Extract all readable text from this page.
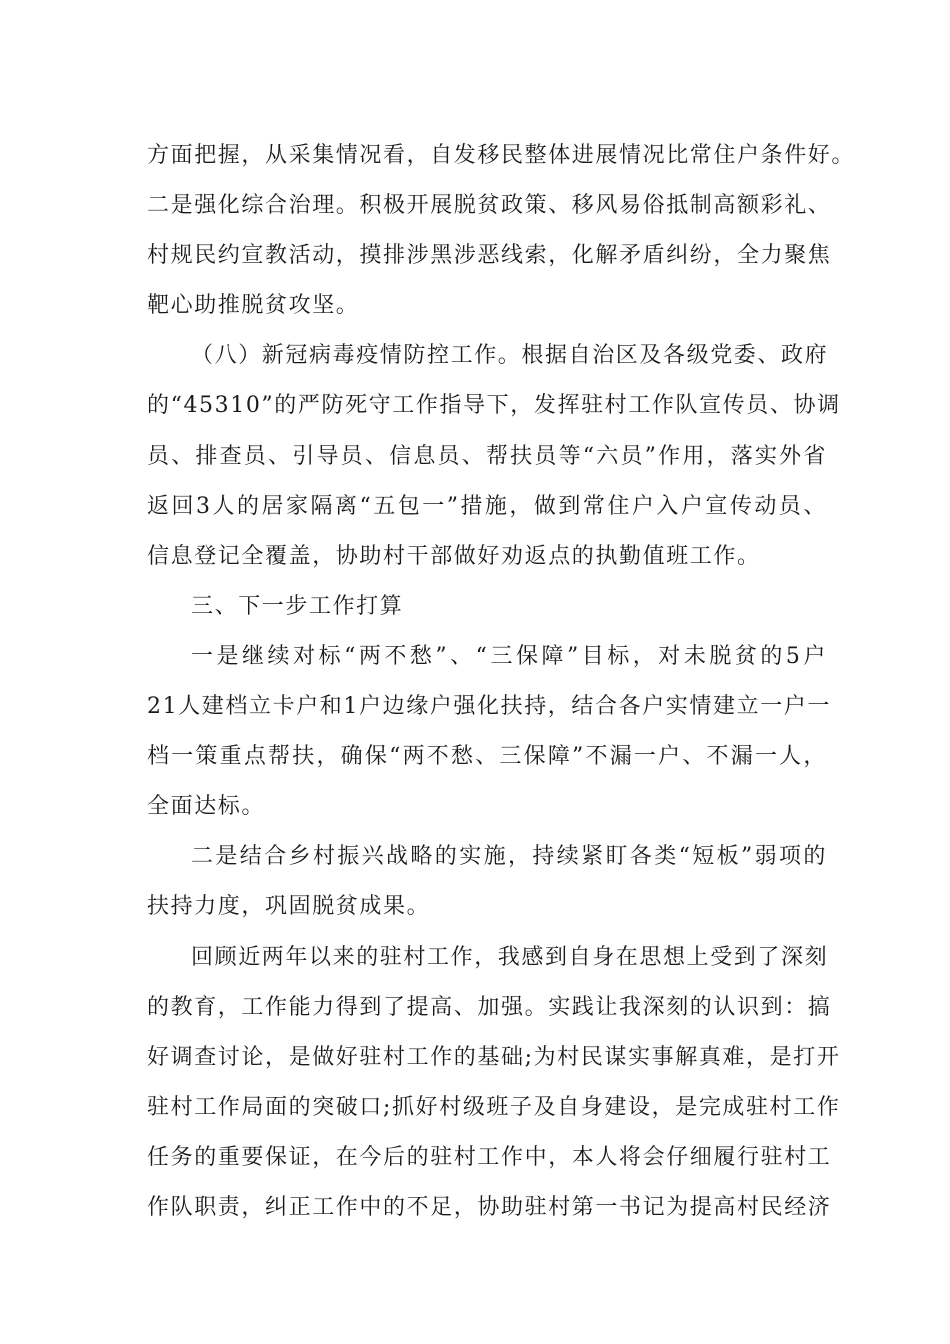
方面把握，从采集情况看，自发移民整体进展情况比常住户条件好。
二是强化综合治理。积极开展脱贫政策、移风易俗抵制高额彩礼、
村规民约宣教活动，摸排涉黑涉恶线索，化解矛盾纠纷，全力聚焦
靶心助推脱贫攻坚。
（八）新冠病毒疫情防控工作。根据自治区及各级党委、政府
的“45310”的严防死守工作指导下，发挥驻村工作队宣传员、协调
员、排查员、引导员、信息员、帮扶员等“六员”作用，落实外省
返回3人的居家隔离“五包一”措施，做到常住户入户宣传动员、
信息登记全覆盖，协助村干部做好劝返点的执勤值班工作。
三、下一步工作打算
一是继续对标“两不愁”、“三保障”目标，对未脱贫的5户
21人建档立卡户和1户边缘户强化扶持，结合各户实情建立一户一
档一策重点帮扶，确保“两不愁、三保障”不漏一户、不漏一人，
全面达标。
二是结合乡村振兴战略的实施，持续紧盯各类“短板”弱项的
扶持力度，巩固脱贫成果。
回顾近两年以来的驻村工作，我感到自身在思想上受到了深刻
的教育，工作能力得到了提高、加强。实践让我深刻的认识到：搞
好调查讨论，是做好驻村工作的基础;为村民谋实事解真难，是打开
驻村工作局面的突破口;抓好村级班子及自身建设，是完成驻村工作
任务的重要保证，在今后的驻村工作中，本人将会仔细履行驻村工
作队职责，纠正工作中的不足，协助驻村第一书记为提高村民经济
